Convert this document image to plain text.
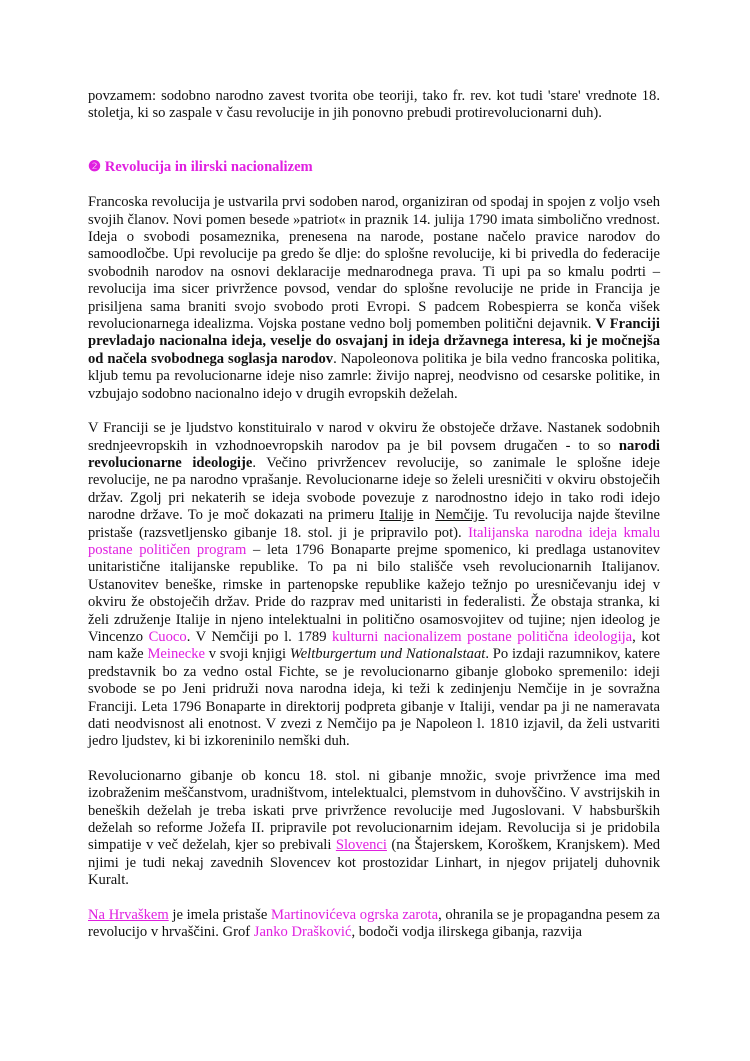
povzamem: sodobno narodno zavest tvorita obe teoriji, tako fr. rev. kot tudi 'stare' vrednote 18. stoletja, ki so zaspale v času revolucije in jih ponovno prebudi protirevolucionarni duh).

❷ Revolucija in ilirski nacionalizem

Francoska revolucija je ustvarila prvi sodoben narod, organiziran od spodaj in spojen z voljo vseh svojih članov. Novi pomen besede »patriot« in praznik 14. julija 1790 imata simbolično vrednost. Ideja o svobodi posameznika, prenesena na narode, postane načelo pravice narodov do samoodločbe. Upi revolucije pa gredo še dlje: do splošne revolucije, ki bi privedla do federacije svobodnih narodov na osnovi deklaracije mednarodnega prava. Ti upi pa so kmalu podrti – revolucija ima sicer privržence povsod, vendar do splošne revolucije ne pride in Francija je prisiljena sama braniti svojo svobodo proti Evropi. S padcem Robespierra se konča višek revolucionarnega idealizma. Vojska postane vedno bolj pomemben politični dejavnik. V Franciji prevladajo nacionalna ideja, veselje do osvajanj in ideja državnega interesa, ki je močnejša od načela svobodnega soglasja narodov. Napoleonova politika je bila vedno francoska politika, kljub temu pa revolucionarne ideje niso zamrle: živijo naprej, neodvisno od cesarske politike, in vzbujajo sodobno nacionalno idejo v drugih evropskih deželah.

V Franciji se je ljudstvo konstituiralo v narod v okviru že obstoječe države. Nastanek sodobnih srednjeevropskih in vzhodnoevropskih narodov pa je bil povsem drugačen - to so narodi revolucionarne ideologije. Večino privržencev revolucije, so zanimale le splošne ideje revolucije, ne pa narodno vprašanje. Revolucionarne ideje so želeli uresničiti v okviru obstoječih držav. Zgolj pri nekaterih se ideja svobode povezuje z narodnostno idejo in tako rodi idejo narodne države. To je moč dokazati na primeru Italije in Nemčije. Tu revolucija najde številne pristaše (razsvetljensko gibanje 18. stol. ji je pripravilo pot). Italijanska narodna ideja kmalu postane političen program – leta 1796 Bonaparte prejme spomenico, ki predlaga ustanovitev unitaristične italijanske republike. To pa ni bilo stališče vseh revolucionarnih Italijanov. Ustanovitev beneške, rimske in partenopske republike kažejo težnjo po uresničevanju idej v okviru že obstoječih držav. Pride do razprav med unitaristi in federalisti. Že obstaja stranka, ki želi združenje Italije in njeno intelektualni in politično osamosvojitev od tujine; njen ideolog je Vincenzo Cuoco. V Nemčiji po l. 1789 kulturni nacionalizem postane politična ideologija, kot nam kaže Meinecke v svoji knjigi Weltburgertum und Nationalstaat. Po izdaji razumnikov, katere predstavnik bo za vedno ostal Fichte, se je revolucionarno gibanje globoko spremenilo: ideji svobode se po Jeni pridruži nova narodna ideja, ki teži k zedinjenju Nemčije in je sovražna Franciji. Leta 1796 Bonaparte in direktorij podpreta gibanje v Italiji, vendar pa ji ne nameravata dati neodvisnost ali enotnost. V zvezi z Nemčijo pa je Napoleon l. 1810 izjavil, da želi ustvariti jedro ljudstev, ki bi izkoreninilo nemški duh.

Revolucionarno gibanje ob koncu 18. stol. ni gibanje množic, svoje privržence ima med izobraženim meščanstvom, uradništvom, intelektualci, plemstvom in duhovščino. V avstrijskih in beneških deželah je treba iskati prve privržence revolucije med Jugoslovani. V habsburških deželah so reforme Jožefa II. pripravile pot revolucionarnim idejam. Revolucija si je pridobila simpatije v več deželah, kjer so prebivali Slovenci (na Štajerskem, Koroškem, Kranjskem). Med njimi je tudi nekaj zavednih Slovencev kot prostozidar Linhart, in njegov prijatelj duhovnik Kuralt.

Na Hrvaškem je imela pristaše Martinovićeva ogrska zarota, ohranila se je propagandna pesem za revolucijo v hrvaščini. Grof Janko Drašković, bodoči vodja ilirskega gibanja, razvija
